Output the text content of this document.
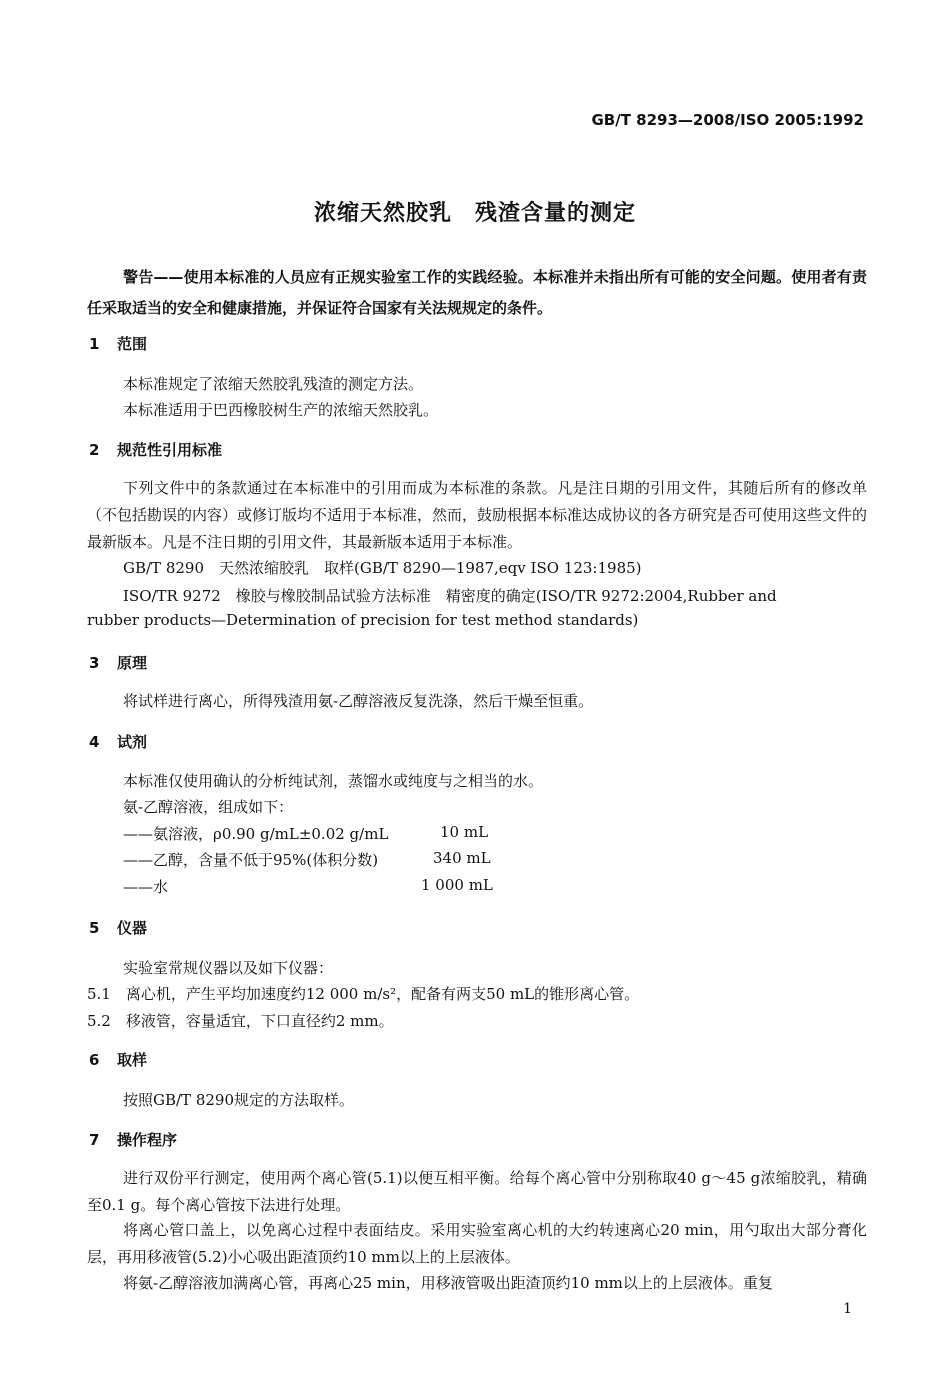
GB/T 8293—2008/ISO 2005:1992
浓缩天然胶乳　残渣含量的测定
警告——使用本标准的人员应有正规实验室工作的实践经验。本标准并未指出所有可能的安全问题。使用者有责任采取适当的安全和健康措施，并保证符合国家有关法规规定的条件。
1 范围
本标准规定了浓缩天然胶乳残渣的测定方法。
本标准适用于巴西橡胶树生产的浓缩天然胶乳。
2 规范性引用标准
下列文件中的条款通过在本标准中的引用而成为本标准的条款。凡是注日期的引用文件，其随后所有的修改单（不包括勘误的内容）或修订版均不适用于本标准，然而，鼓励根据本标准达成协议的各方研究是否可使用这些文件的最新版本。凡是不注日期的引用文件，其最新版本适用于本标准。
GB/T 8290　天然浓缩胶乳　取样(GB/T 8290—1987,eqv ISO 123:1985)
ISO/TR 9272　橡胶与橡胶制品试验方法标准　精密度的确定(ISO/TR 9272:2004,Rubber and
rubber products—Determination of precision for test method standards)
3 原理
将试样进行离心，所得残渣用氨-乙醇溶液反复洗涤，然后干燥至恒重。
4 试剂
本标准仅使用确认的分析纯试剂，蒸馏水或纯度与之相当的水。
氨-乙醇溶液，组成如下：
——氨溶液，ρ0.90 g/mL±0.02 g/mL	10 mL
——乙醇，含量不低于95%(体积分数)	340 mL
——水	1 000 mL
5 仪器
实验室常规仪器以及如下仪器：
5.1　离心机，产生平均加速度约12 000 m/s²，配备有两支50 mL的锥形离心管。
5.2　移液管，容量适宜，下口直径约2 mm。
6 取样
按照GB/T 8290规定的方法取样。
7 操作程序
进行双份平行测定，使用两个离心管(5.1)以便互相平衡。给每个离心管中分别称取40 g～45 g浓缩胶乳，精确至0.1 g。每个离心管按下法进行处理。
将离心管口盖上，以免离心过程中表面结皮。采用实验室离心机的大约转速离心20 min，用勺取出大部分膏化层，再用移液管(5.2)小心吸出距渣顶约10 mm以上的上层液体。
将氨-乙醇溶液加满离心管，再离心25 min，用移液管吸出距渣顶约10 mm以上的上层液体。重复
1
